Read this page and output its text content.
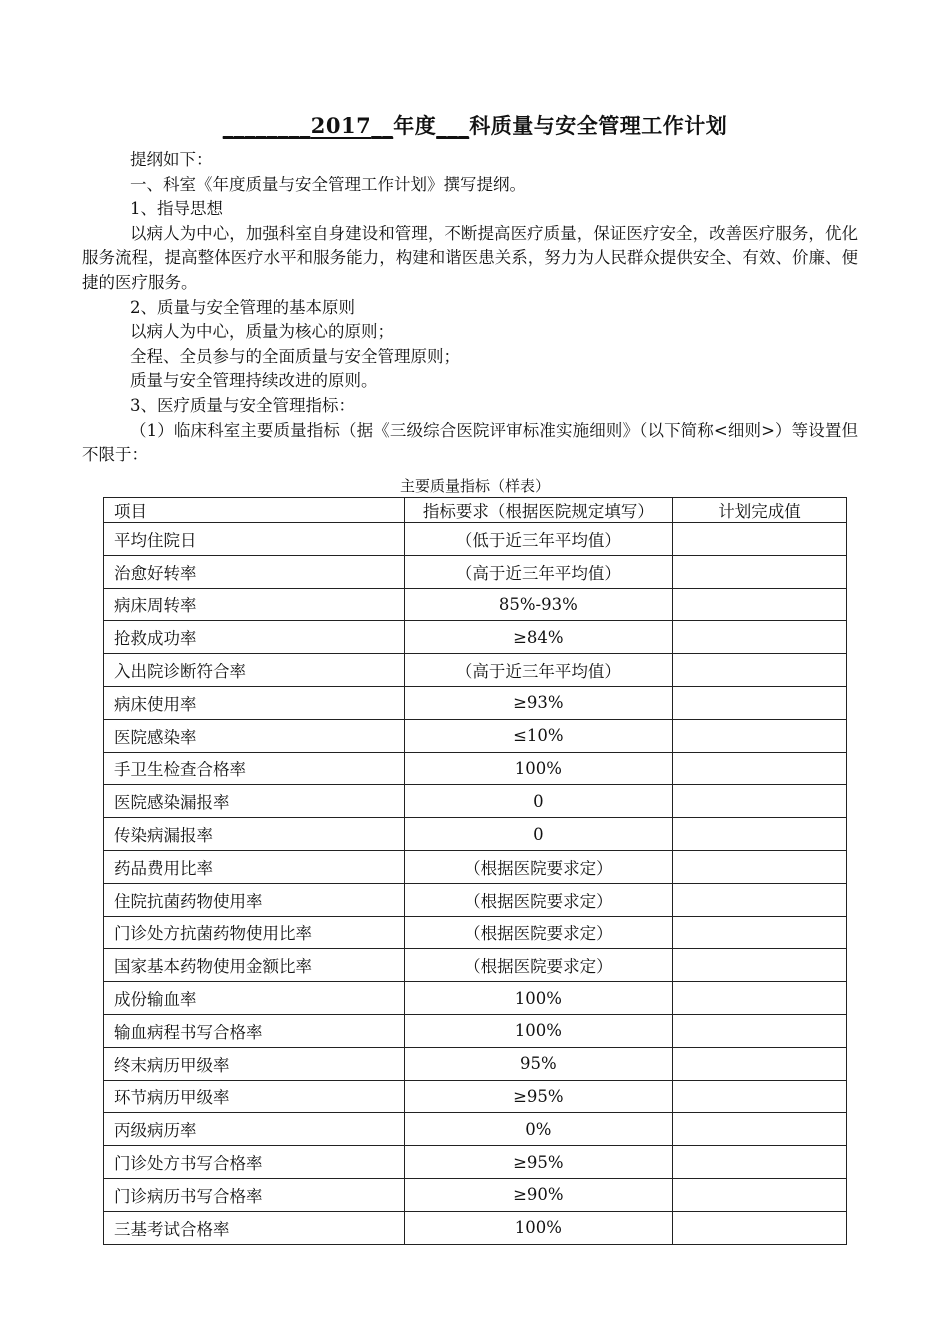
________2017__年度___科质量与安全管理工作计划

提纲如下：

一、科室《年度质量与安全管理工作计划》撰写提纲。

1、指导思想

以病人为中心，加强科室自身建设和管理，不断提高医疗质量，保证医疗安全，改善医疗服务，优化服务流程，提高整体医疗水平和服务能力，构建和谐医患关系，努力为人民群众提供安全、有效、价廉、便捷的医疗服务。

2、质量与安全管理的基本原则

以病人为中心，质量为核心的原则；

全程、全员参与的全面质量与安全管理原则；

质量与安全管理持续改进的原则。

3、医疗质量与安全管理指标：

（1）临床科室主要质量指标（据《三级综合医院评审标准实施细则》（以下简称<细则>）等设置但不限于：

主要质量指标（样表）
项目	指标要求（根据医院规定填写）	计划完成值
平均住院日	（低于近三年平均值）	
治愈好转率	（高于近三年平均值）	
病床周转率	85%-93%	
抢救成功率	≥84%	
入出院诊断符合率	（高于近三年平均值）	
病床使用率	≥93%	
医院感染率	≤10%	
手卫生检查合格率	100%	
医院感染漏报率	0	
传染病漏报率	0	
药品费用比率	（根据医院要求定）	
住院抗菌药物使用率	（根据医院要求定）	
门诊处方抗菌药物使用比率	（根据医院要求定）	
国家基本药物使用金额比率	（根据医院要求定）	
成份输血率	100%	
输血病程书写合格率	100%	
终末病历甲级率	95%	
环节病历甲级率	≥95%	
丙级病历率	0%	
门诊处方书写合格率	≥95%	
门诊病历书写合格率	≥90%	
三基考试合格率	100%	
